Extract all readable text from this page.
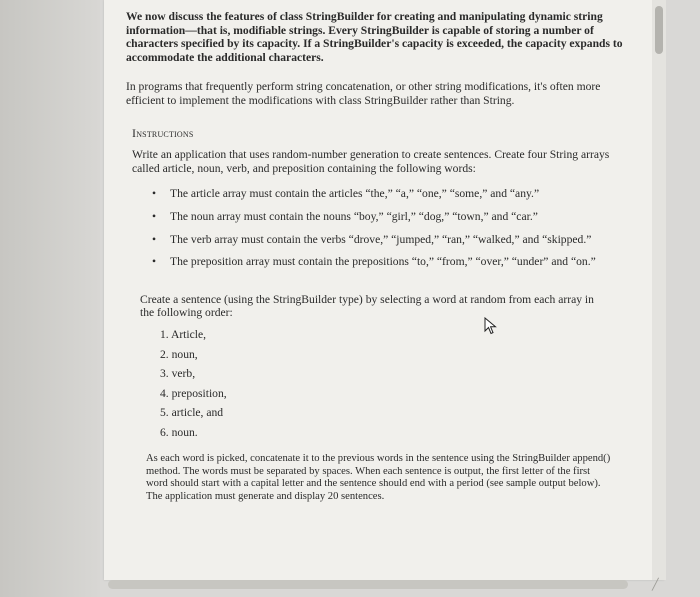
We now discuss the features of class StringBuilder for creating and manipulating dynamic string information—that is, modifiable strings. Every StringBuilder is capable of storing a number of characters specified by its capacity. If a StringBuilder's capacity is exceeded, the capacity expands to accommodate the additional characters.

In programs that frequently perform string concatenation, or other string modifications, it's often more efficient to implement the modifications with class StringBuilder rather than String.

Instructions

Write an application that uses random-number generation to create sentences. Create four String arrays called article, noun, verb, and preposition containing the following words:

• The article array must contain the articles “the,” “a,” “one,” “some,” and “any.”
• The noun array must contain the nouns “boy,” “girl,” “dog,” “town,” and “car.”
• The verb array must contain the verbs “drove,” “jumped,” “ran,” “walked,” and “skipped.”
• The preposition array must contain the prepositions “to,” “from,” “over,” “under” and “on.”

Create a sentence (using the StringBuilder type) by selecting a word at random from each array in the following order:

1. Article,
2. noun,
3. verb,
4. preposition,
5. article, and
6. noun.

As each word is picked, concatenate it to the previous words in the sentence using the StringBuilder append() method. The words must be separated by spaces. When each sentence is output, the first letter of the first word should start with a capital letter and the sentence should end with a period (see sample output below). The application must generate and display 20 sentences.

╱
